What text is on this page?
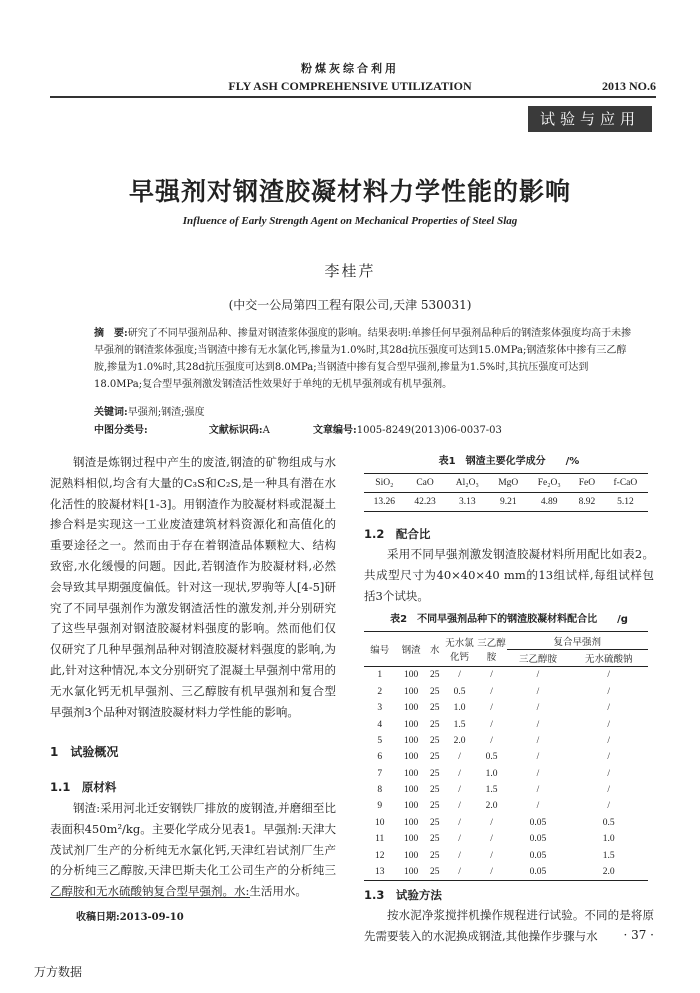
粉煤灰综合利用
FLY ASH COMPREHENSIVE UTILIZATION	2013 NO.6
试验与应用
早强剂对钢渣胶凝材料力学性能的影响
Influence of Early Strength Agent on Mechanical Properties of Steel Slag
李桂芹
(中交一公局第四工程有限公司,天津 530031)
摘　要:研究了不同早强剂品种、掺量对钢渣浆体强度的影响。结果表明:单掺任何早强剂品种后的钢渣浆体强度均高于未掺早强剂的钢渣浆体强度;当钢渣中掺有无水氯化钙,掺量为1.0%时,其28d抗压强度可达到15.0MPa;钢渣浆体中掺有三乙醇胺,掺量为1.0%时,其28d抗压强度可达到8.0MPa;当钢渣中掺有复合型早强剂,掺量为1.5%时,其抗压强度可达到18.0MPa;复合型早强剂激发钢渣活性效果好于单纯的无机早强剂或有机早强剂。
关键词:早强剂;钢渣;强度
中图分类号:	文献标识码:A	文章编号:1005-8249(2013)06-0037-03

钢渣是炼钢过程中产生的废渣,钢渣的矿物组成与水泥熟料相似,均含有大量的C₃S和C₂S,是一种具有潜在水化活性的胶凝材料[1-3]。用钢渣作为胶凝材料或混凝土掺合料是实现这一工业废渣建筑材料资源化和高值化的重要途径之一。然而由于存在着钢渣品体颗粒大、结构致密,水化缓慢的问题。因此,若钢渣作为胶凝材料,必然会导致其早期强度偏低。针对这一现状,罗驹等人[4-5]研究了不同早强剂作为激发钢渣活性的激发剂,并分别研究了这些早强剂对钢渣胶凝材料强度的影响。然而他们仅仅研究了几种早强剂品种对钢渣胶凝材料强度的影响,为此,针对这种情况,本文分别研究了混凝土早强剂中常用的无水氯化钙无机早强剂、三乙醇胺有机早强剂和复合型早强剂3个品种对钢渣胶凝材料力学性能的影响。

1　试验概况
1.1　原材料

钢渣:采用河北迁安钢铁厂排放的废钢渣,并磨细至比表面积450m²/kg。主要化学成分见表1。早强剂:天津大茂试剂厂生产的分析纯无水氯化钙,天津红岩试剂厂生产的分析纯三乙醇胺,天津巴斯夫化工公司生产的分析纯三乙醇胺和无水硫酸钠复合型早强剂。水:生活用水。

收稿日期:2013-09-10
表1　钢渣主要化学成分　　/%
SiO₂	CaO	Al₂O₃	MgO	Fe₂O₃	FeO	f-CaO
13.26	42.23	3.13	9.21	4.89	8.92	5.12
1.2　配合比

采用不同早强剂激发钢渣胶凝材料所用配比如表2。共成型尺寸为40×40×40 mm的13组试样,每组试样包括3个试块。

表2　不同早强剂品种下的钢渣胶凝材料配合比　　/g
编号	钢渣	水	无水氯化钙	三乙醇胺	复合早强剂	
					三乙醇胺	无水硫酸钠
1	100	25	/	/	/	/
2	100	25	0.5	/	/	/
3	100	25	1.0	/	/	/
4	100	25	1.5	/	/	/
5	100	25	2.0	/	/	/
6	100	25	/	0.5	/	/
7	100	25	/	1.0	/	/
8	100	25	/	1.5	/	/
9	100	25	/	2.0	/	/
10	100	25	/	/	0.05	0.5
11	100	25	/	/	0.05	1.0
12	100	25	/	/	0.05	1.5
13	100	25	/	/	0.05	2.0
1.3　试验方法

按水泥净浆搅拌机操作规程进行试验。不同的是将原先需要装入的水泥换成钢渣,其他操作步骤与水	· 37 ·
万方数据
